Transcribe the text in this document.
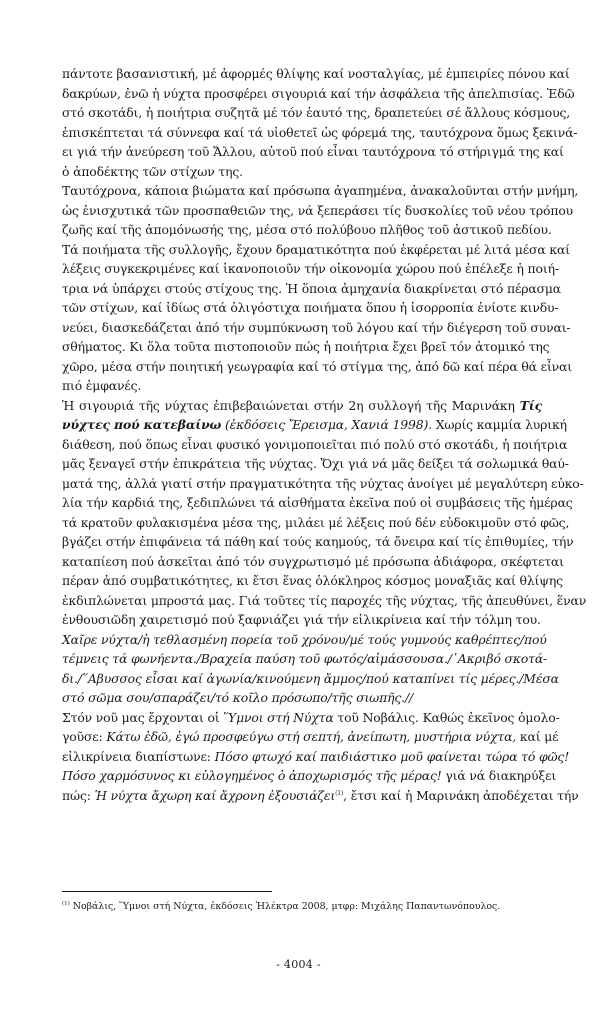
πάντοτε βασανιστική, μέ ἀφορμές θλίψης καί νοσταλγίας, μέ ἐμπειρίες πόνου καί
δακρύων, ἐνῶ ἡ νύχτα προσφέρει σιγουριά καί τήν ἀσφάλεια τῆς ἀπελπισίας. Ἐδῶ
στό σκοτάδι, ἡ ποιήτρια συζητᾶ μέ τόν ἑαυτό της, δραπετεύει σέ ἄλλους κόσμους,
ἐπισκέπτεται τά σύννεφα καί τά υἱοθετεῖ ὡς φόρεμά της, ταυτόχρονα ὅμως ξεκινά-
ει γιά τήν ἀνεύρεση τοῦ Ἄλλου, αὐτοῦ πού εἶναι ταυτόχρονα τό στήριγμά της καί
ὁ ἀποδέκτης τῶν στίχων της.
Ταυτόχρονα, κάποια βιώματα καί πρόσωπα ἀγαπημένα, ἀνακαλοῦνται στήν μνήμη,
ὡς ἐνισχυτικά τῶν προσπαθειῶν της, νά ξεπεράσει τίς δυσκολίες τοῦ νέου τρόπου
ζωῆς καί τῆς ἀπομόνωσής της, μέσα στό πολύβουο πλῆθος τοῦ ἀστικοῦ πεδίου.
Τά ποιήματα τῆς συλλογῆς, ἔχουν δραματικότητα πού ἐκφέρεται μέ λιτά μέσα καί
λέξεις συγκεκριμένες καί ἱκανοποιοῦν τήν οἰκονομία χώρου πού ἐπέλεξε ἡ ποιή-
τρια νά ὑπάρχει στούς στίχους της. Ἡ ὅποια ἀμηχανία διακρίνεται στό πέρασμα
τῶν στίχων, καί ἰδίως στά ὀλιγόστιχα ποιήματα ὅπου ἡ ἰσορροπία ἐνίοτε κινδυ-
νεύει, διασκεδάζεται ἀπό τήν συμπύκνωση τοῦ λόγου καί τήν διέγερση τοῦ συναι-
σθήματος. Κι ὅλα τοῦτα πιστοποιοῦν πώς ἡ ποιήτρια ἔχει βρεῖ τόν ἀτομικό της
χῶρο, μέσα στήν ποιητική γεωγραφία καί τό στίγμα της, ἀπό δῶ καί πέρα θά εἶναι
πιό ἐμφανές.
Ἡ σιγουριά τῆς νύχτας ἐπιβεβαιώνεται στήν 2η συλλογή τῆς Μαρινάκη Τίς
νύχτες πού κατεβαίνω (ἐκδόσεις Ἔρεισμα, Χανιά 1998). Χωρίς καμμία λυρική
διάθεση, πού ὅπως εἶναι φυσικό γονιμοποιεῖται πιό πολύ στό σκοτάδι, ἡ ποιήτρια
μᾶς ξεναγεῖ στήν ἐπικράτεια τῆς νύχτας. Ὄχι γιά νά μᾶς δείξει τά σολωμικά θαύ-
ματά της, ἀλλά γιατί στήν πραγματικότητα τῆς νύχτας ἀνοίγει μέ μεγαλύτερη εὐκο-
λία τήν καρδιά της, ξεδιπλώνει τά αἰσθήματα ἐκεῖνα πού οἱ συμβάσεις τῆς ἡμέρας
τά κρατοῦν φυλακισμένα μέσα της, μιλάει μέ λέξεις πού δέν εὐδοκιμοῦν στό φῶς,
βγάζει στήν ἐπιφάνεια τά πάθη καί τούς καημούς, τά ὄνειρα καί τίς ἐπιθυμίες, τήν
καταπίεση πού ἀσκεῖται ἀπό τόν συγχρωτισμό μέ πρόσωπα ἀδιάφορα, σκέφτεται
πέραν ἀπό συμβατικότητες, κι ἔτσι ἕνας ὁλόκληρος κόσμος μοναξιᾶς καί θλίψης
ἐκδιπλώνεται μπροστά μας. Γιά τοῦτες τίς παροχές τῆς νύχτας, τῆς ἀπευθύνει, ἕναν
ἐνθουσιῶδη χαιρετισμό πού ξαφνιάζει γιά τήν εἰλικρίνεια καί τήν τόλμη του.
Χαῖρε νύχτα/ἡ τεθλασμένη πορεία τοῦ χρόνου/μέ τούς γυμνούς καθρέπτες/πού
τέμνεις τά φωνήεντα./Βραχεία παύση τοῦ φωτός/αἱμάσσουσα./᾿Ακριβό σκοτά-
δι./῞Αβυσσος εἶσαι καί ἀγωνία/κινούμενη ἄμμος/πού καταπίνει τίς μέρες./Μέσα
στό σῶμα σου/σπαράζει/τό κοῖλο πρόσωπο/τῆς σιωπῆς.//
Στόν νοῦ μας ἔρχονται οἱ Ὕμνοι στή Νύχτα τοῦ Νοβάλις. Καθώς ἐκεῖνος ὁμολο-
γοῦσε: Κάτω ἐδῶ, ἐγώ προσφεύγω στή σεπτή, ἀνείπωτη, μυστήρια νύχτα, καί μέ
εἰλικρίνεια διαπίστωνε: Πόσο φτωχό καί παιδιάστικο μοῦ φαίνεται τώρα τό φῶς!
Πόσο χαρμόσυνος κι εὐλογημένος ὁ ἀποχωρισμός τῆς μέρας! γιά νά διακηρύξει
πώς: Ἡ νύχτα ἄχωρη καί ἄχρονη ἐξουσιάζει$^{(1)}$, ἔτσι καί ἡ Μαρινάκη ἀποδέχεται τήν
$^{(1)}$ Νοβάλις, Ὕμνοι στή Νύχτα, ἐκδόσεις Ἠλέκτρα 2008, μτφρ: Μιχάλης Παπαντωνόπουλος.
- 4004 -
